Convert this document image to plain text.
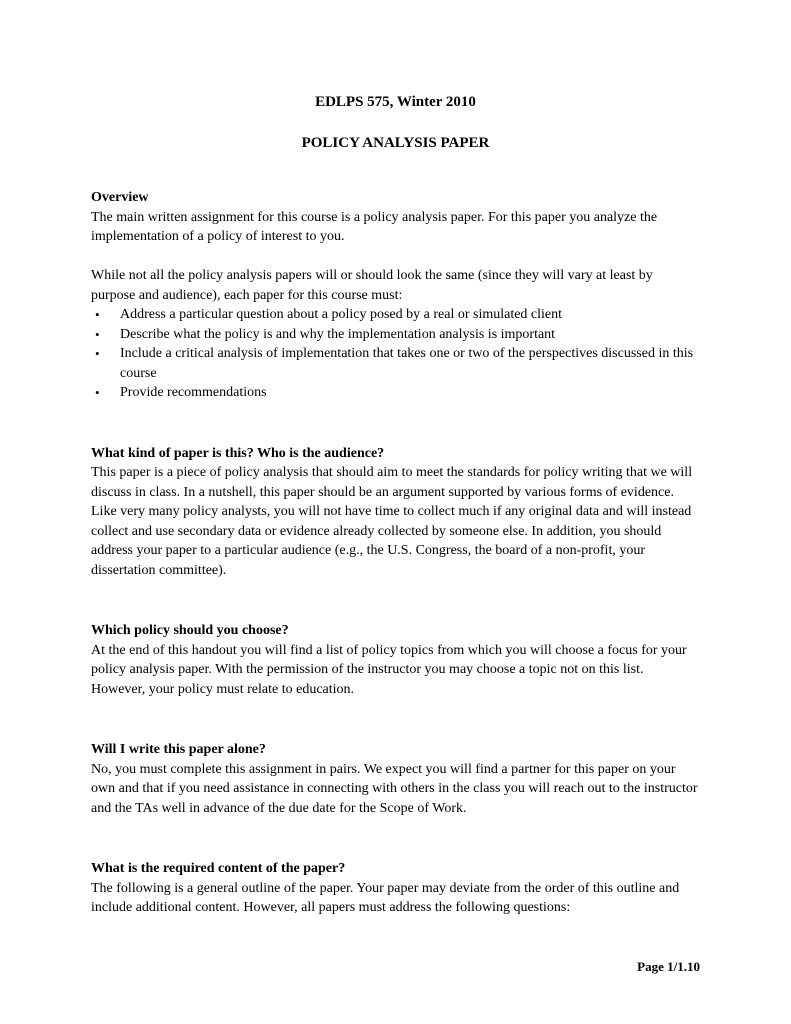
EDLPS 575, Winter 2010
POLICY ANALYSIS PAPER
Overview

The main written assignment for this course is a policy analysis paper. For this paper you analyze the implementation of a policy of interest to you.

While not all the policy analysis papers will or should look the same (since they will vary at least by purpose and audience), each paper for this course must:

•	Address a particular question about a policy posed by a real or simulated client
•	Describe what the policy is and why the implementation analysis is important
•	Include a critical analysis of implementation that takes one or two of the perspectives discussed in this course
•	Provide recommendations
What kind of paper is this? Who is the audience?

This paper is a piece of policy analysis that should aim to meet the standards for policy writing that we will discuss in class. In a nutshell, this paper should be an argument supported by various forms of evidence. Like very many policy analysts, you will not have time to collect much if any original data and will instead collect and use secondary data or evidence already collected by someone else. In addition, you should address your paper to a particular audience (e.g., the U.S. Congress, the board of a non-profit, your dissertation committee).

Which policy should you choose?

At the end of this handout you will find a list of policy topics from which you will choose a focus for your policy analysis paper. With the permission of the instructor you may choose a topic not on this list. However, your policy must relate to education.

Will I write this paper alone?

No, you must complete this assignment in pairs. We expect you will find a partner for this paper on your own and that if you need assistance in connecting with others in the class you will reach out to the instructor and the TAs well in advance of the due date for the Scope of Work.

What is the required content of the paper?

The following is a general outline of the paper. Your paper may deviate from the order of this outline and include additional content. However, all papers must address the following questions:

Page 1/1.10
